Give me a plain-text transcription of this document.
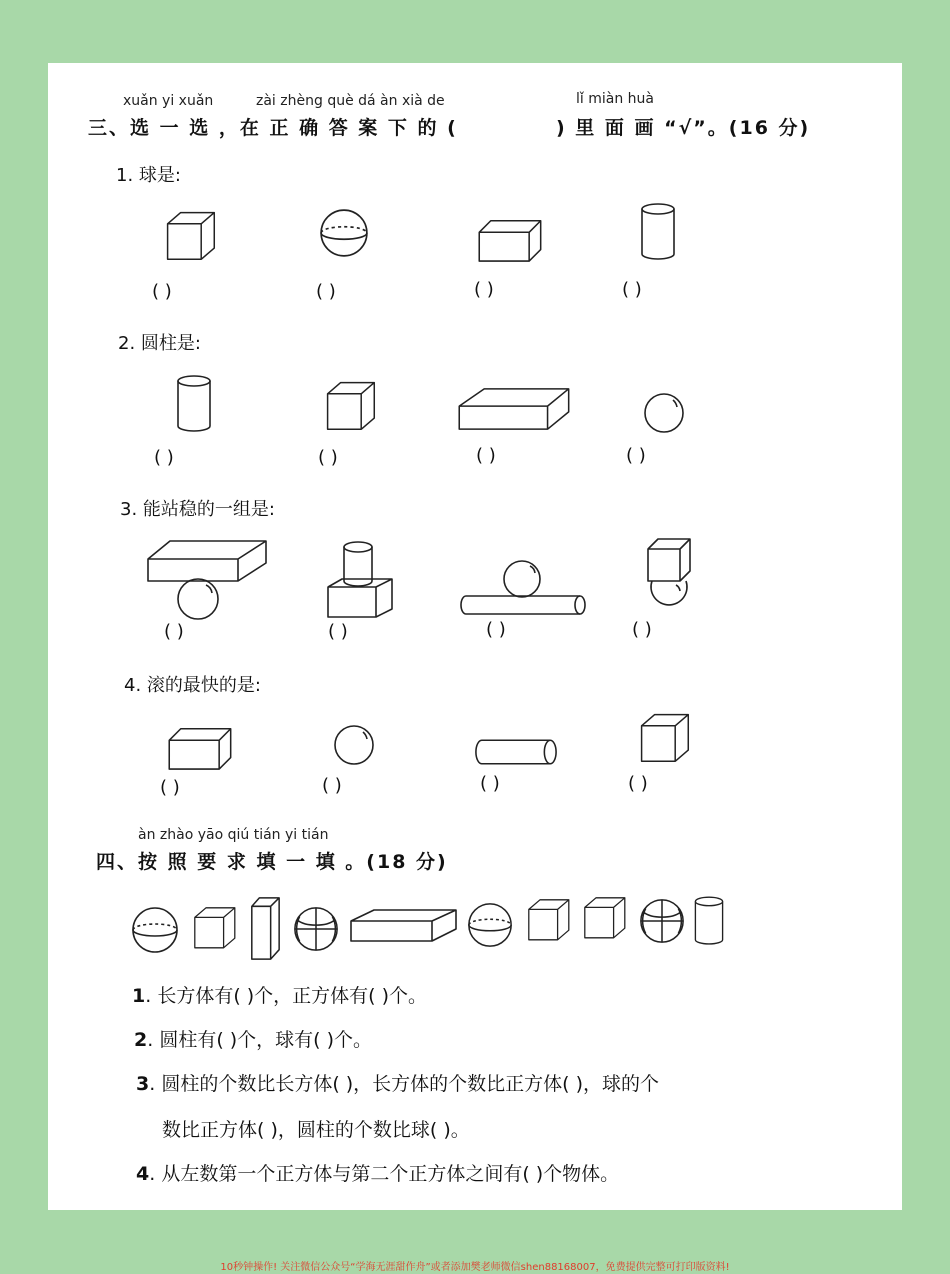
xuǎn yi xuǎn	zài zhèng què dá àn xià de	lǐ miàn huà
三、选 一 选 ，在 正 确 答 案 下 的 (	) 里 面 画 “√”。(16 分)
1. 球是:
( )	( )	( )	( )
2. 圆柱是:
( )	( )	( )	( )
3. 能站稳的一组是:
( )	( )	( )	( )
4. 滚的最快的是:
( )	( )	( )	( )
àn zhào yāo qiú tián yi tián
四、按 照 要 求 填 一 填 。(18 分)
1. 长方体有( )个，正方体有( )个。
2. 圆柱有( )个，球有( )个。
3. 圆柱的个数比长方体( )，长方体的个数比正方体( )，球的个
数比正方体( )，圆柱的个数比球( )。
4. 从左数第一个正方体与第二个正方体之间有( )个物体。
10秒钟操作! 关注微信公众号“学海无涯甜作舟”或者添加樊老师微信shen88168007，免费提供完整可打印版资料!
